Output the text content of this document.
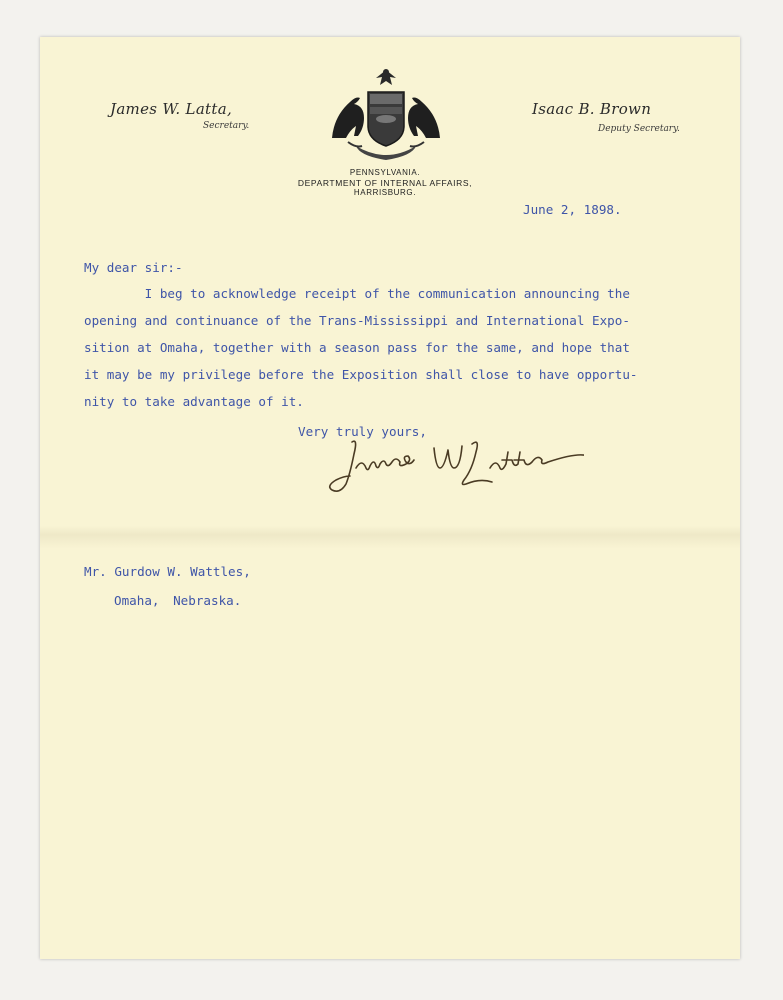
James W. Latta,
Secretary.
Isaac B. Brown
Deputy Secretary.
PENNSYLVANIA.
DEPARTMENT OF INTERNAL AFFAIRS,
HARRISBURG.
June 2, 1898.
My dear sir:-
I beg to acknowledge receipt of the communication announcing the
opening and continuance of the Trans-Mississippi and International Expo-
sition at Omaha, together with a season pass for the same, and hope that
it may be my privilege before the Exposition shall close to have opportu-
nity to take advantage of it.
Very truly yours,
Mr. Gurdow W. Wattles,
Omaha, Nebraska.
